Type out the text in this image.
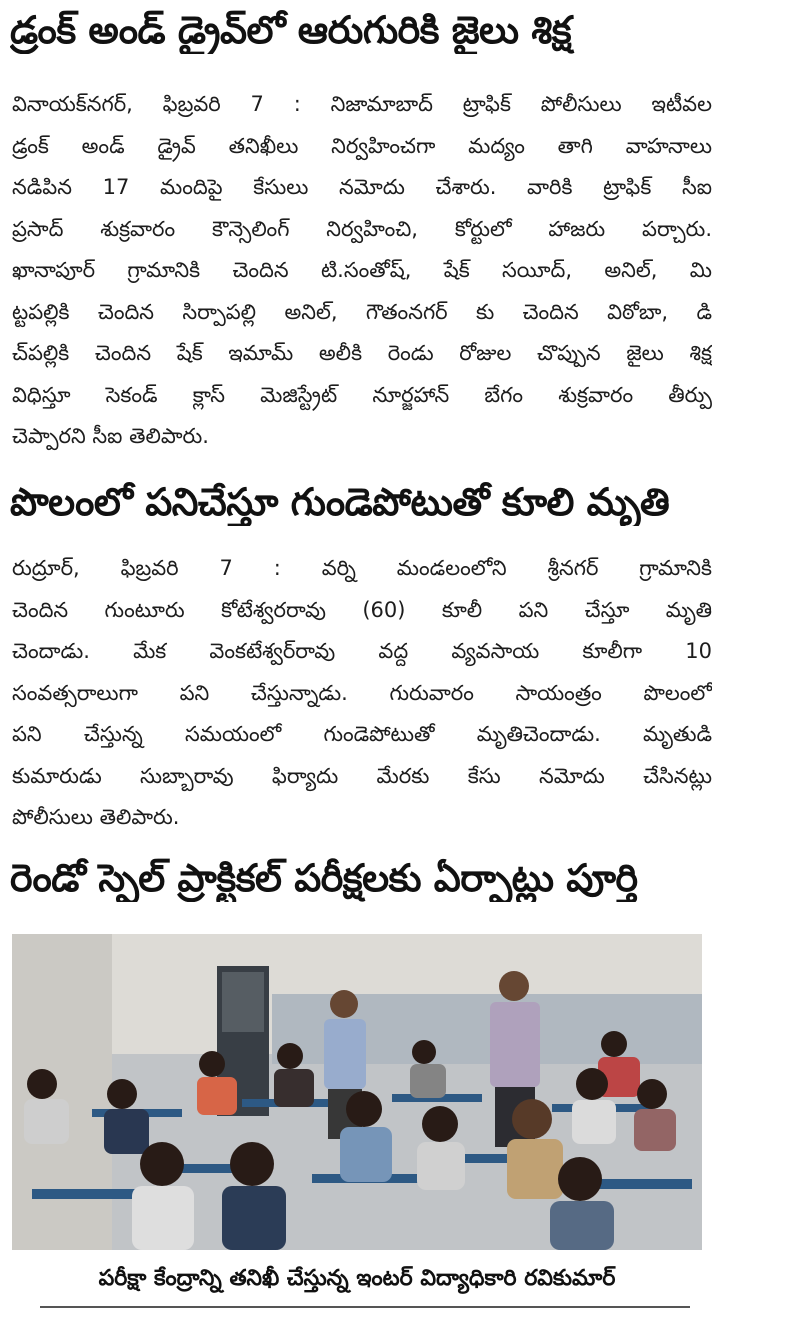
డ్రంక్ అండ్ డ్రైవ్‌లో ఆరుగురికి జైలు శిక్ష
వినాయక్‌నగర్, ఫిబ్రవరి 7 : నిజామాబాద్ ట్రాఫిక్ పోలీసులు ఇటీవల
డ్రంక్ అండ్ డ్రైవ్ తనిఖీలు నిర్వహించగా మద్యం తాగి వాహనాలు
నడిపిన 17 మందిపై కేసులు నమోదు చేశారు. వారికి ట్రాఫిక్ సీఐ
ప్రసాద్ శుక్రవారం కౌన్సెలింగ్ నిర్వహించి, కోర్టులో హాజరు పర్చారు.
ఖానాపూర్ గ్రామానికి చెందిన టి.సంతోష్, షేక్ సయీద్, అనిల్, మి
ట్టపల్లికి చెందిన సిర్పాపల్లి అనిల్, గౌతంనగర్ కు చెందిన విఠోబా, డి
చ్‌పల్లికి చెందిన షేక్ ఇమామ్ అలీకి రెండు రోజుల చొప్పున జైలు శిక్ష
విధిస్తూ సెకండ్ క్లాస్ మెజిస్ట్రేట్ నూర్జహాన్ బేగం శుక్రవారం తీర్పు
చెప్పారని సీఐ తెలిపారు.
పొలంలో పనిచేస్తూ గుండెపోటుతో కూలి మృతి
రుద్రూర్, ఫిబ్రవరి 7 : వర్ని మండలంలోని శ్రీనగర్ గ్రామానికి
చెందిన గుంటూరు కోటేశ్వరరావు (60) కూలీ పని చేస్తూ మృతి
చెందాడు. మేక వెంకటేశ్వర్‌రావు వద్ద వ్యవసాయ కూలీగా 10
సంవత్సరాలుగా పని చేస్తున్నాడు. గురువారం సాయంత్రం పొలంలో
పని చేస్తున్న సమయంలో గుండెపోటుతో మృతిచెందాడు. మృతుడి
కుమారుడు సుబ్బారావు ఫిర్యాదు మేరకు కేసు నమోదు చేసినట్లు
పోలీసులు తెలిపారు.
రెండో స్పెల్ ప్రాక్టికల్ పరీక్షలకు ఏర్పాట్లు పూర్తి

పరీక్షా కేంద్రాన్ని తనిఖీ చేస్తున్న ఇంటర్ విద్యాధికారి రవికుమార్
